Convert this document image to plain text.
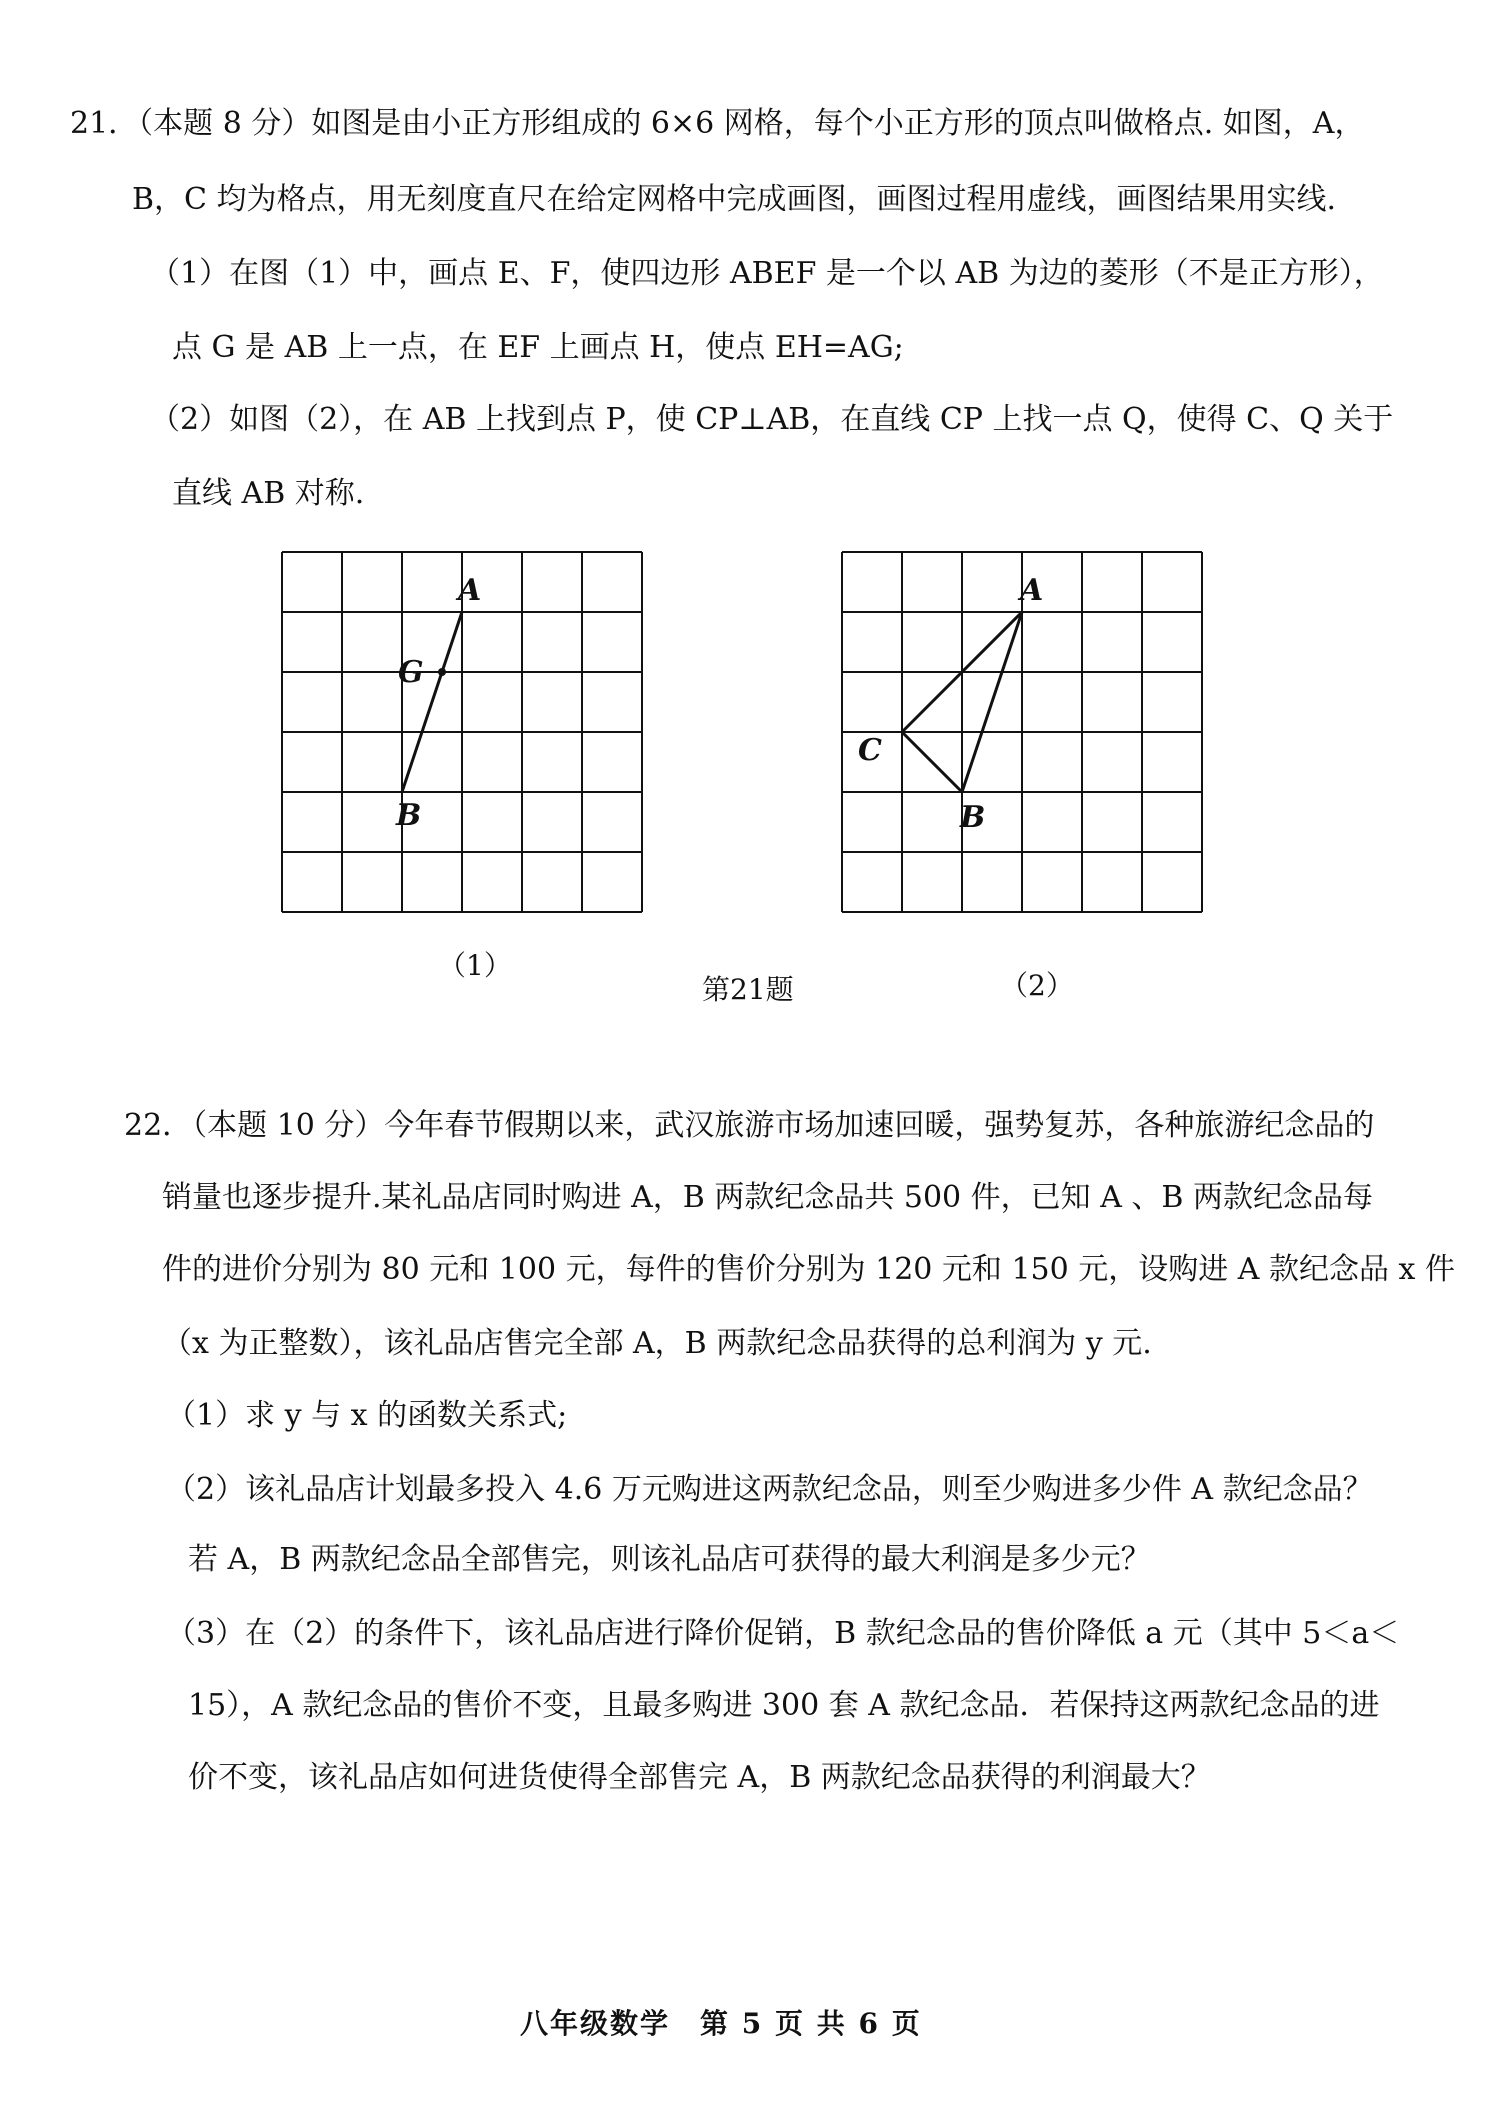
21．（本题 8 分）如图是由小正方形组成的 6×6 网格，每个小正方形的顶点叫做格点. 如图，A，
B，C 均为格点，用无刻度直尺在给定网格中完成画图，画图过程用虚线，画图结果用实线.
（1）在图（1）中，画点 E、F，使四边形 ABEF 是一个以 AB 为边的菱形（不是正方形），
点 G 是 AB 上一点，在 EF 上画点 H，使点 EH=AG;
（2）如图（2），在 AB 上找到点 P，使 CP⊥AB，在直线 CP 上找一点 Q，使得 C、Q 关于
直线 AB 对称.
A
G
B
A
C
B
（1）
第21题	（2）
22．（本题 10 分）今年春节假期以来，武汉旅游市场加速回暖，强势复苏，各种旅游纪念品的
销量也逐步提升.某礼品店同时购进 A，B 两款纪念品共 500 件，已知 A 、B 两款纪念品每
件的进价分别为 80 元和 100 元，每件的售价分别为 120 元和 150 元，设购进 A 款纪念品 x 件
（x 为正整数），该礼品店售完全部 A，B 两款纪念品获得的总利润为 y 元.
（1）求 y 与 x 的函数关系式;
（2）该礼品店计划最多投入 4.6 万元购进这两款纪念品，则至少购进多少件 A 款纪念品？
若 A，B 两款纪念品全部售完，则该礼品店可获得的最大利润是多少元？
（3）在（2）的条件下，该礼品店进行降价促销，B 款纪念品的售价降低 a 元（其中 5＜a＜
15），A 款纪念品的售价不变，且最多购进 300 套 A 款纪念品．若保持这两款纪念品的进
价不变，该礼品店如何进货使得全部售完 A，B 两款纪念品获得的利润最大？
八年级数学　第 5 页 共 6 页
